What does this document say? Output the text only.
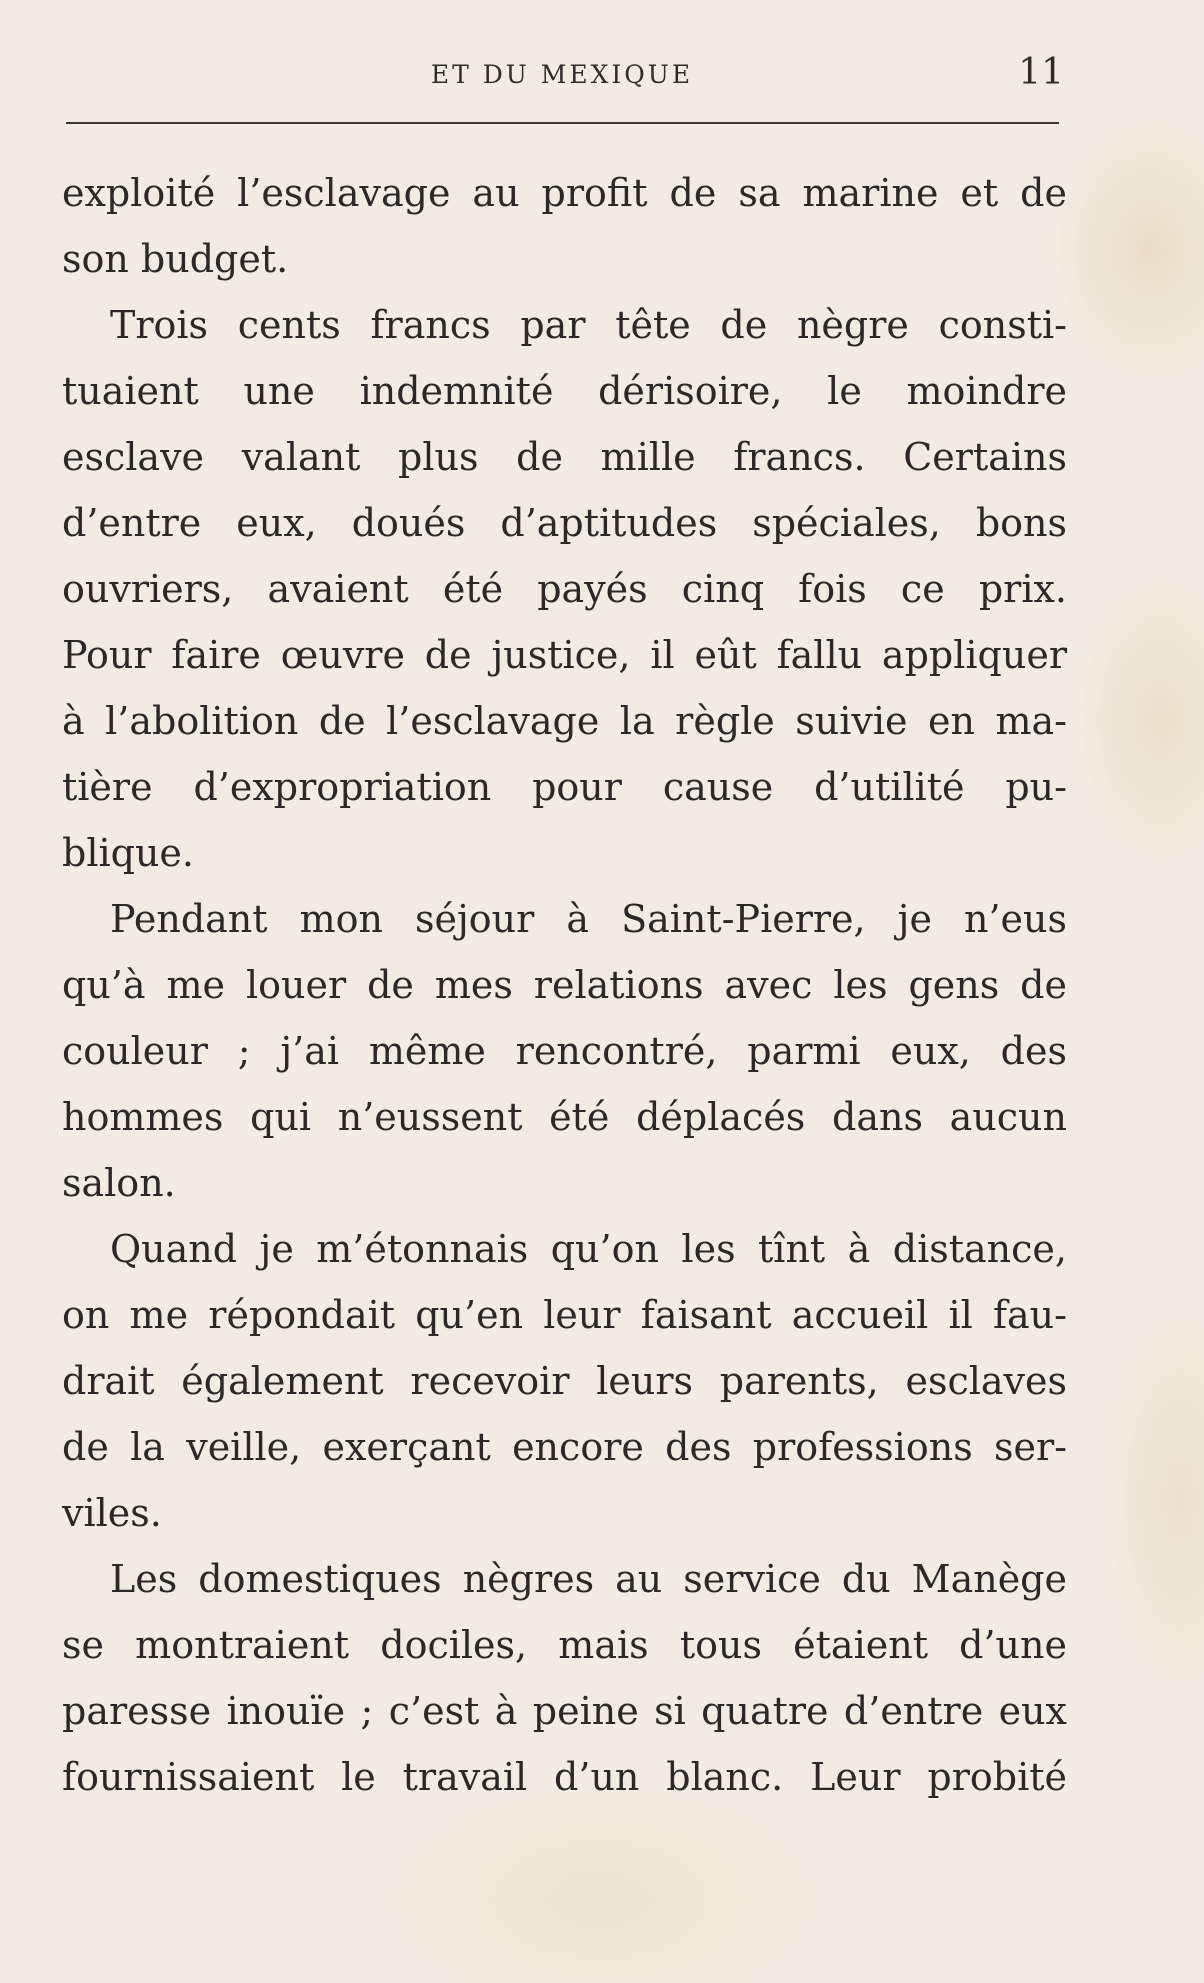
ET DU MEXIQUE	11
exploité l’esclavage au profit de sa marine et de
son budget.
Trois cents francs par tête de nègre consti-
tuaient une indemnité dérisoire, le moindre
esclave valant plus de mille francs. Certains
d’entre eux, doués d’aptitudes spéciales, bons
ouvriers, avaient été payés cinq fois ce prix.
Pour faire œuvre de justice, il eût fallu appliquer
à l’abolition de l’esclavage la règle suivie en ma-
tière d’expropriation pour cause d’utilité pu-
blique.
Pendant mon séjour à Saint-Pierre, je n’eus
qu’à me louer de mes relations avec les gens de
couleur ; j’ai même rencontré, parmi eux, des
hommes qui n’eussent été déplacés dans aucun
salon.
Quand je m’étonnais qu’on les tînt à distance,
on me répondait qu’en leur faisant accueil il fau-
drait également recevoir leurs parents, esclaves
de la veille, exerçant encore des professions ser-
viles.
Les domestiques nègres au service du Manège
se montraient dociles, mais tous étaient d’une
paresse inouïe ; c’est à peine si quatre d’entre eux
fournissaient le travail d’un blanc. Leur probité
